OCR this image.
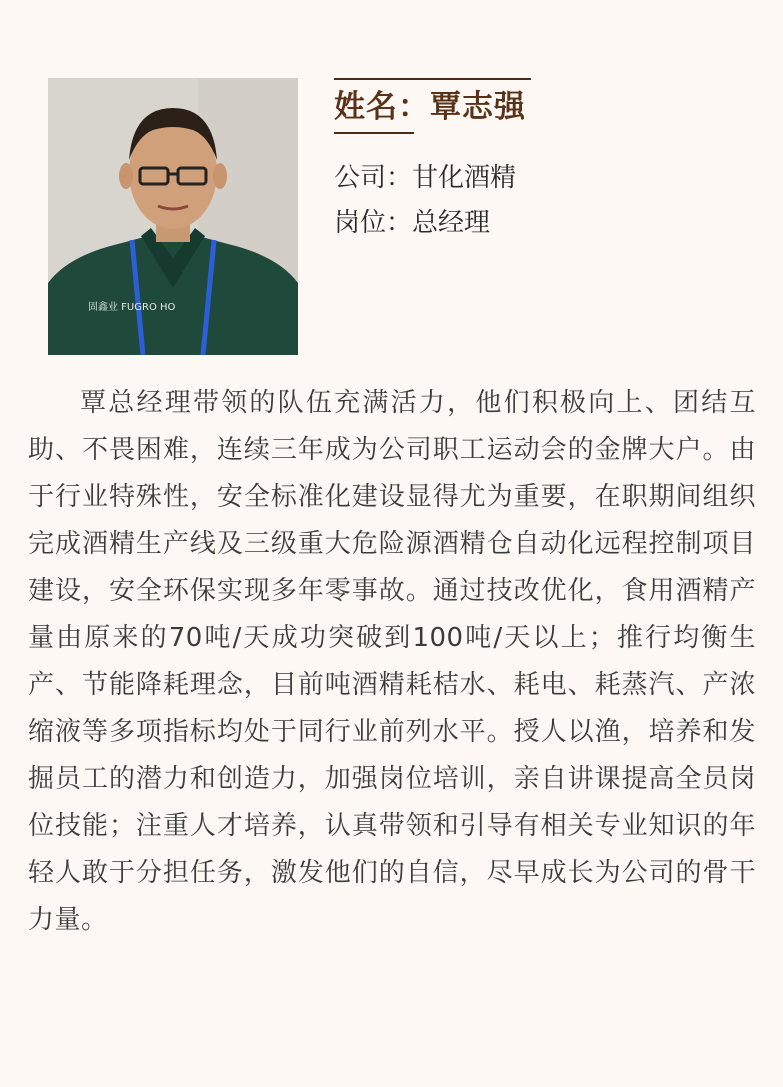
固鑫业 FUGRO HO
姓名：覃志强
公司：甘化酒精
岗位：总经理

覃总经理带领的队伍充满活力，他们积极向上、团结互助、不畏困难，连续三年成为公司职工运动会的金牌大户。由于行业特殊性，安全标准化建设显得尤为重要，在职期间组织完成酒精生产线及三级重大危险源酒精仓自动化远程控制项目建设，安全环保实现多年零事故。通过技改优化，食用酒精产量由原来的70吨/天成功突破到100吨/天以上；推行均衡生产、节能降耗理念，目前吨酒精耗桔水、耗电、耗蒸汽、产浓缩液等多项指标均处于同行业前列水平。授人以渔，培养和发掘员工的潜力和创造力，加强岗位培训，亲自讲课提高全员岗位技能；注重人才培养，认真带领和引导有相关专业知识的年轻人敢于分担任务，激发他们的自信，尽早成长为公司的骨干力量。
